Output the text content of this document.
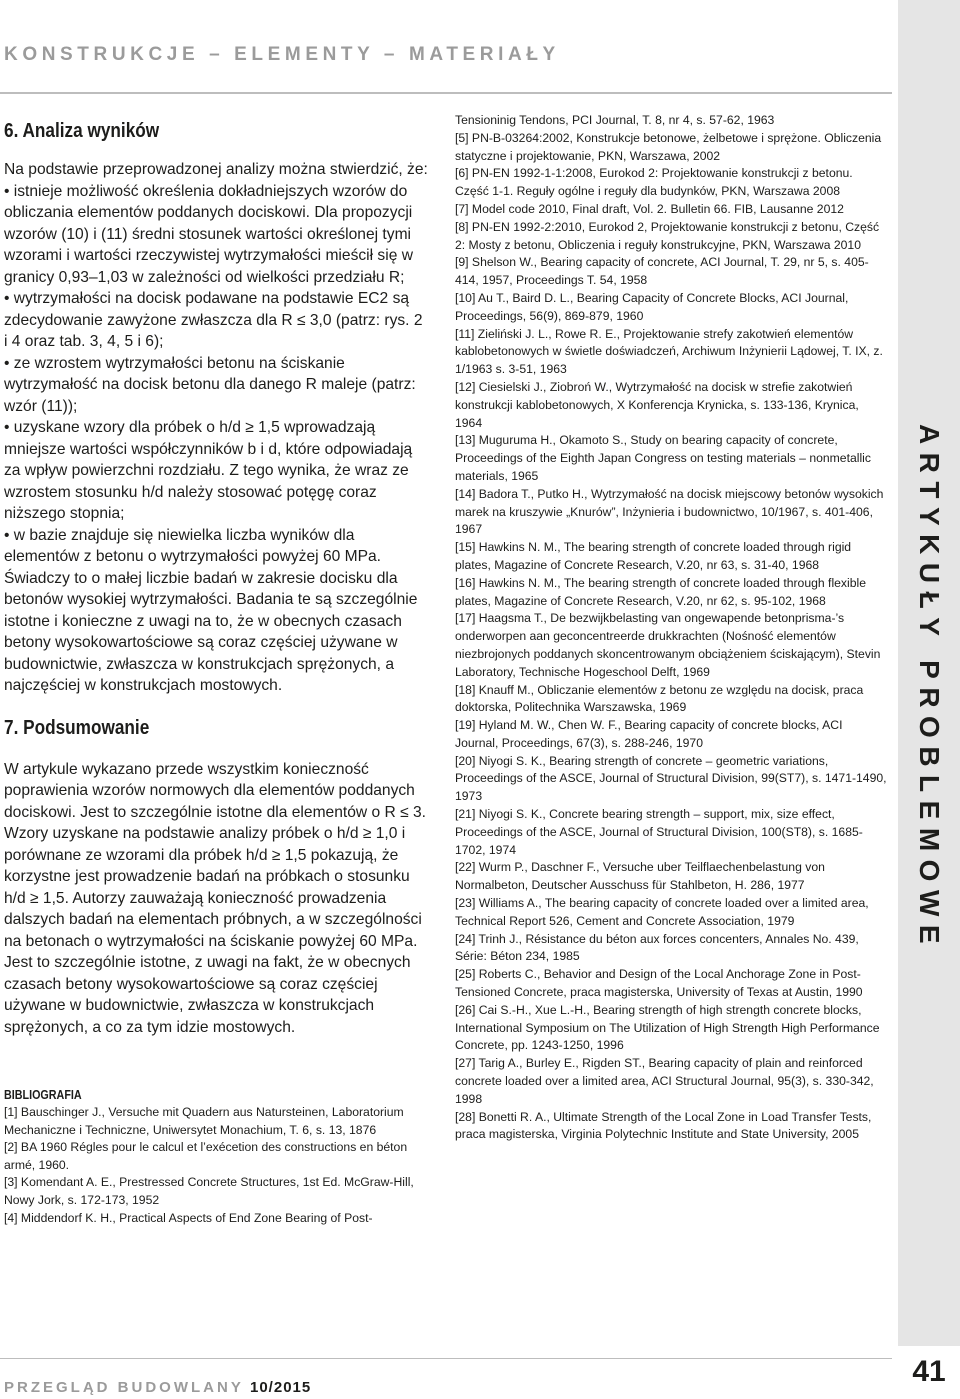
KONSTRUKCJE – ELEMENTY – MATERIAŁY
ARTYKUŁY PROBLEMOWE
6. Analiza wyników

Na podstawie przeprowadzonej analizy można stwierdzić, że:

• istnieje możliwość określenia dokładniejszych wzorów do obliczania elementów poddanych dociskowi. Dla propozycji wzorów (10) i (11) średni stosunek wartości określonej tymi wzorami i wartości rzeczywistej wytrzymałości mieścił się w granicy 0,93–1,03 w zależności od wielkości przedziału R;

• wytrzymałości na docisk podawane na podstawie EC2 są zdecydowanie zawyżone zwłaszcza dla R ≤ 3,0 (patrz: rys. 2 i 4 oraz tab. 3, 4, 5 i 6);

• ze wzrostem wytrzymałości betonu na ściskanie wytrzymałość na docisk betonu dla danego R maleje (patrz: wzór (11));

• uzyskane wzory dla próbek o h/d ≥ 1,5 wprowadzają mniejsze wartości współczynników b i d, które odpowiadają za wpływ powierzchni rozdziału. Z tego wynika, że wraz ze wzrostem stosunku h/d należy stosować potęgę coraz niższego stopnia;

• w bazie znajduje się niewielka liczba wyników dla elementów z betonu o wytrzymałości powyżej 60 MPa. Świadczy to o małej liczbie badań w zakresie docisku dla betonów wysokiej wytrzymałości. Badania te są szczególnie istotne i konieczne z uwagi na to, że w obecnych czasach betony wysokowartościowe są coraz częściej używane w budownictwie, zwłaszcza w konstrukcjach sprężonych, a najczęściej w konstrukcjach mostowych.

7. Podsumowanie

W artykule wykazano przede wszystkim konieczność poprawienia wzorów normowych dla elementów poddanych dociskowi. Jest to szczególnie istotne dla elementów o R ≤ 3. Wzory uzyskane na podstawie analizy próbek o h/d ≥ 1,0 i porównane ze wzorami dla próbek h/d ≥ 1,5 pokazują, że korzystne jest prowadzenie badań na próbkach o stosunku h/d ≥ 1,5. Autorzy zauważają konieczność prowadzenia dalszych badań na elementach próbnych, a w szczególności na betonach o wytrzymałości na ściskanie powyżej 60 MPa. Jest to szczególnie istotne, z uwagi na fakt, że w obecnych czasach betony wysokowartościowe są coraz częściej używane w budownictwie, zwłaszcza w konstrukcjach sprężonych, a co za tym idzie mostowych.

BIBLIOGRAFIA

[1] Bauschinger J., Versuche mit Quadern aus Natursteinen, Laboratorium Mechaniczne i Techniczne, Uniwersytet Monachium, T. 6, s. 13, 1876

[2] BA 1960 Régles pour le calcul et l’exécetion des constructions en béton armé, 1960.

[3] Komendant A. E., Prestressed Concrete Structures, 1st Ed. McGraw-Hill, Nowy Jork, s. 172-173, 1952

[4] Middendorf K. H., Practical Aspects of End Zone Bearing of Post-

Tensioninig Tendons, PCI Journal, T. 8, nr 4, s. 57-62, 1963

[5] PN-B-03264:2002, Konstrukcje betonowe, żelbetowe i sprężone. Obliczenia statyczne i projektowanie, PKN, Warszawa, 2002

[6] PN-EN 1992-1-1:2008, Eurokod 2: Projektowanie konstrukcji z betonu. Część 1-1. Reguły ogólne i reguły dla budynków, PKN, Warszawa 2008

[7] Model code 2010, Final draft, Vol. 2. Bulletin 66. FIB, Lausanne 2012

[8] PN-EN 1992-2:2010, Eurokod 2, Projektowanie konstrukcji z betonu, Część 2: Mosty z betonu, Obliczenia i reguły konstrukcyjne, PKN, Warszawa 2010

[9] Shelson W., Bearing capacity of concrete, ACI Journal, T. 29, nr 5, s. 405-414, 1957, Proceedings T. 54, 1958

[10] Au T., Baird D. L., Bearing Capacity of Concrete Blocks, ACI Journal, Proceedings, 56(9), 869-879, 1960

[11] Zieliński J. L., Rowe R. E., Projektowanie strefy zakotwień elementów kablobetonowych w świetle doświadczeń, Archiwum Inżynierii Lądowej, T. IX, z. 1/1963 s. 3-51, 1963

[12] Ciesielski J., Ziobroń W., Wytrzymałość na docisk w strefie zakotwień konstrukcji kablobetonowych, X Konferencja Krynicka, s. 133-136, Krynica, 1964

[13] Muguruma H., Okamoto S., Study on bearing capacity of concrete, Proceedings of the Eighth Japan Congress on testing materials – nonmetallic materials, 1965

[14] Badora T., Putko H., Wytrzymałość na docisk miejscowy betonów wysokich marek na kruszywie „Knurów”, Inżynieria i budownictwo, 10/1967, s. 401-406, 1967

[15] Hawkins N. M., The bearing strength of concrete loaded through rigid plates, Magazine of Concrete Research, V.20, nr 63, s. 31-40, 1968

[16] Hawkins N. M., The bearing strength of concrete loaded through flexible plates, Magazine of Concrete Research, V.20, nr 62, s. 95-102, 1968

[17] Haagsma T., De bezwijkbelasting van ongewapende betonprisma-’s onderworpen aan geconcentreerde drukkrachten (Nośność elementów niezbrojonych poddanych skoncentrowanym obciążeniem ściskającym), Stevin Laboratory, Technische Hogeschool Delft, 1969

[18] Knauff M., Obliczanie elementów z betonu ze względu na docisk, praca doktorska, Politechnika Warszawska, 1969

[19] Hyland M. W., Chen W. F., Bearing capacity of concrete blocks, ACI Journal, Proceedings, 67(3), s. 288-246, 1970

[20] Niyogi S. K., Bearing strength of concrete – geometric variations, Proceedings of the ASCE, Journal of Structural Division, 99(ST7), s. 1471-1490, 1973

[21] Niyogi S. K., Concrete bearing strength – support, mix, size effect, Proceedings of the ASCE, Journal of Structural Division, 100(ST8), s. 1685-1702, 1974

[22] Wurm P., Daschner F., Versuche uber Teilflaechenbelastung von Normalbeton, Deutscher Ausschuss für Stahlbeton, H. 286, 1977

[23] Williams A., The bearing capacity of concrete loaded over a limited area, Technical Report 526, Cement and Concrete Association, 1979

[24] Trinh J., Résistance du béton aux forces concenters, Annales No. 439, Série: Béton 234, 1985

[25] Roberts C., Behavior and Design of the Local Anchorage Zone in Post-Tensioned Concrete, praca magisterska, University of Texas at Austin, 1990

[26] Cai S.-H., Xue L.-H., Bearing strength of high strength concrete blocks, International Symposium on The Utilization of High Strength High Performance Concrete, pp. 1243-1250, 1996

[27] Tarig A., Burley E., Rigden ST., Bearing capacity of plain and reinforced concrete loaded over a limited area, ACI Structural Journal, 95(3), s. 330-342, 1998

[28] Bonetti R. A., Ultimate Strength of the Local Zone in Load Transfer Tests, praca magisterska, Virginia Polytechnic Institute and State University, 2005

PRZEGLĄD BUDOWLANY 10/2015	41
